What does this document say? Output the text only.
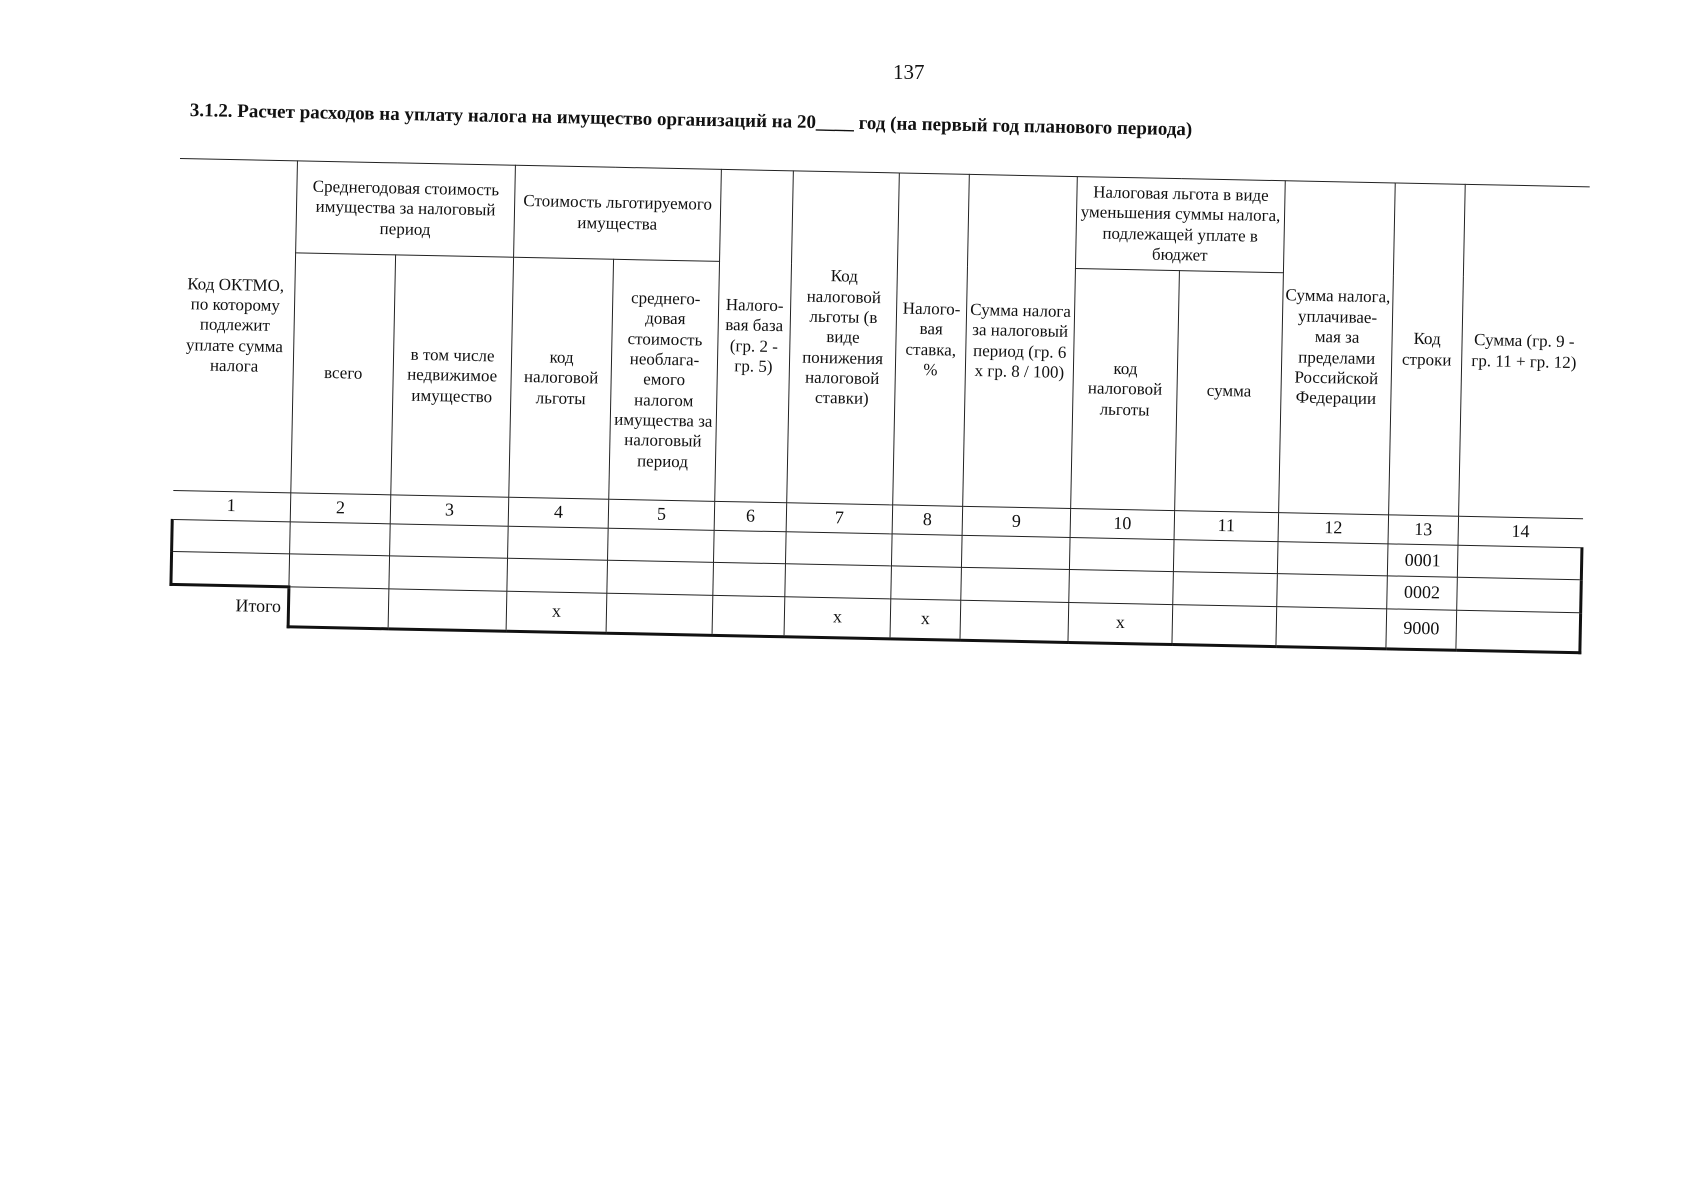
137
3.1.2. Расчет расходов на уплату налога на имущество организаций на 20____ год (на первый год планового периода)
Код ОКТМО, по которому подлежит уплате сумма налога	Среднегодовая стоимость имущества за налоговый период		Стоимость льготируемого имущества		Налого-вая база (гр. 2 - гр. 5)	Код налоговой льготы (в виде понижения налоговой ставки)	Налого-вая ставка, %	Сумма налога за налоговый период (гр. 6 х гр. 8 / 100)	Налоговая льгота в виде уменьшения суммы налога, подлежащей уплате в бюджет		Сумма налога, уплачивае-мая за пределами Российской Федерации	Код строки	Сумма (гр. 9 - гр. 11 + гр. 12)
	всего	в том числе недвижимое имущество	код налоговой льготы	среднего-довая стоимость необлага-емого налогом имущества за налоговый период					код налоговой льготы	сумма			
1	2	3	4	5	6	7	8	9	10	11	12	13	14
												0001	
												0002	
Итого			x			x	x		x			9000	
